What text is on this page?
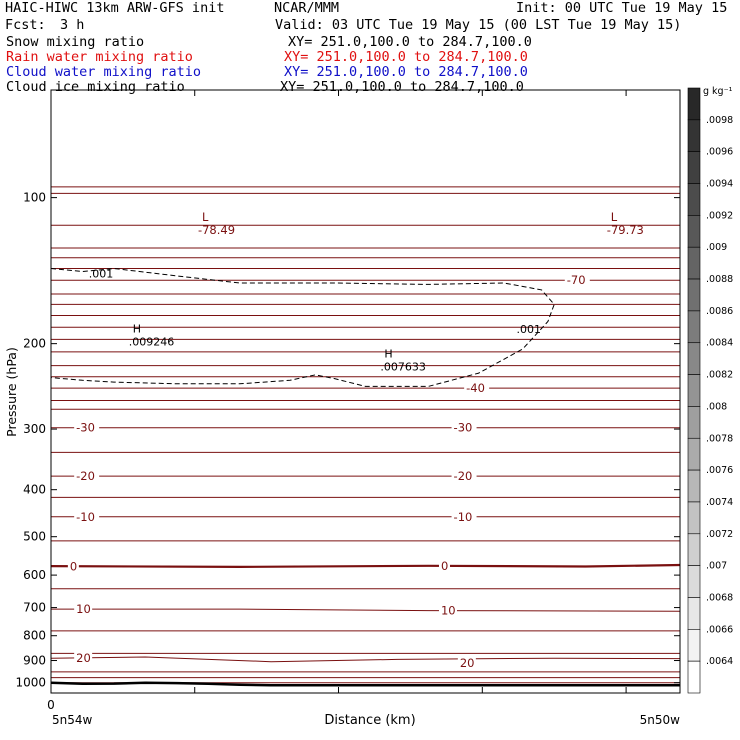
HAIC-HIWC 13km ARW-GFS init	NCAR/MMM	Init: 00 UTC Tue 19 May 15
Fcst: 3 h	Valid: 03 UTC Tue 19 May 15 (00 LST Tue 19 May 15)
Snow mixing ratio	XY= 251.0,100.0 to 284.7,100.0
Rain water mixing ratio	XY= 251.0,100.0 to 284.7,100.0
Cloud water mixing ratio	XY= 251.0,100.0 to 284.7,100.0
Cloud ice mixing ratio	XY= 251.0,100.0 to 284.7,100.0
20	20
10	10
0	0
-10	-10
-20	-20
-30	-30
-40
-70
.001
.001
L
-78.49
L
-79.73
H
.009246
H
.007633
100
200
300
400
500
600
700
800
900
1000
.0098
.0096
.0094
.0092
.009
.0088
.0086
.0084
.0082
.008
.0078
.0076
.0074
.0072
.007
.0068
.0066
.0064
5n54w	5n50w
0
Distance (km)
Pressure (hPa)
g kg⁻¹
